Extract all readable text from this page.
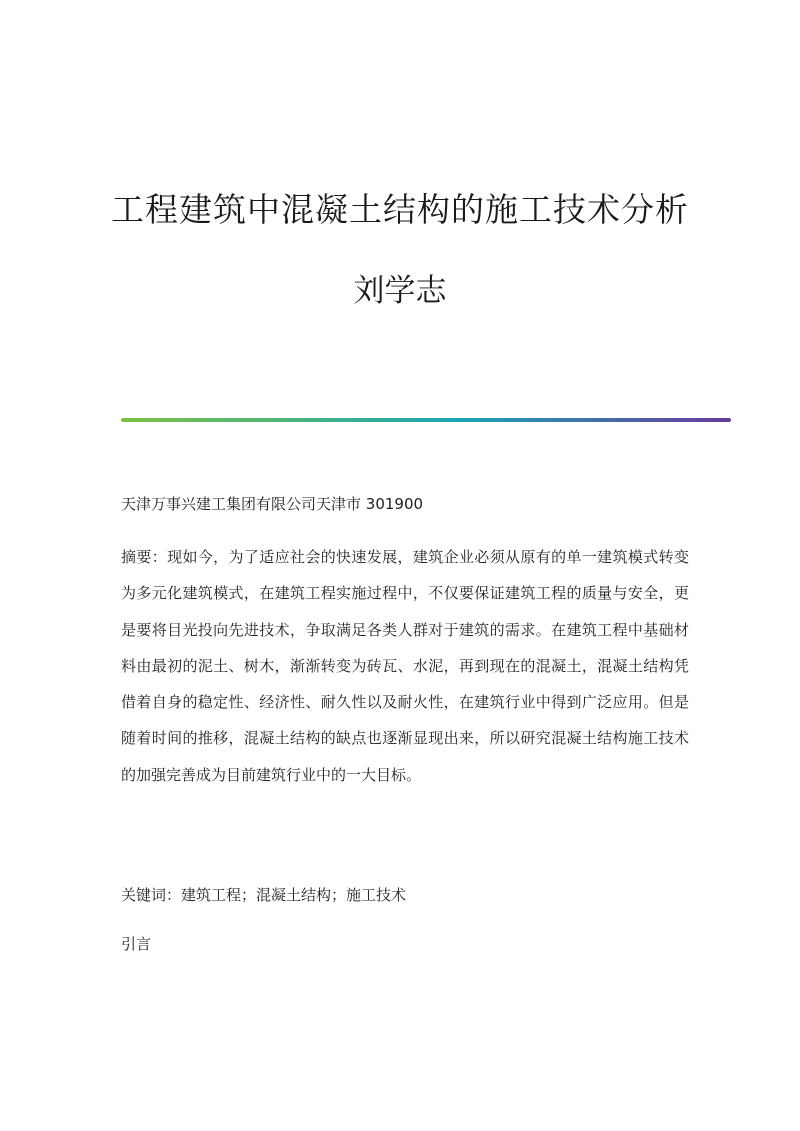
工程建筑中混凝土结构的施工技术分析
刘学志
天津万事兴建工集团有限公司天津市 301900
摘要：现如今，为了适应社会的快速发展，建筑企业必须从原有的单一建筑模式转变为多元化建筑模式，在建筑工程实施过程中，不仅要保证建筑工程的质量与安全，更是要将目光投向先进技术，争取满足各类人群对于建筑的需求。在建筑工程中基础材料由最初的泥土、树木，渐渐转变为砖瓦、水泥，再到现在的混凝土，混凝土结构凭借着自身的稳定性、经济性、耐久性以及耐火性，在建筑行业中得到广泛应用。但是随着时间的推移，混凝土结构的缺点也逐渐显现出来，所以研究混凝土结构施工技术的加强完善成为目前建筑行业中的一大目标。
关键词：建筑工程；混凝土结构；施工技术
引言
